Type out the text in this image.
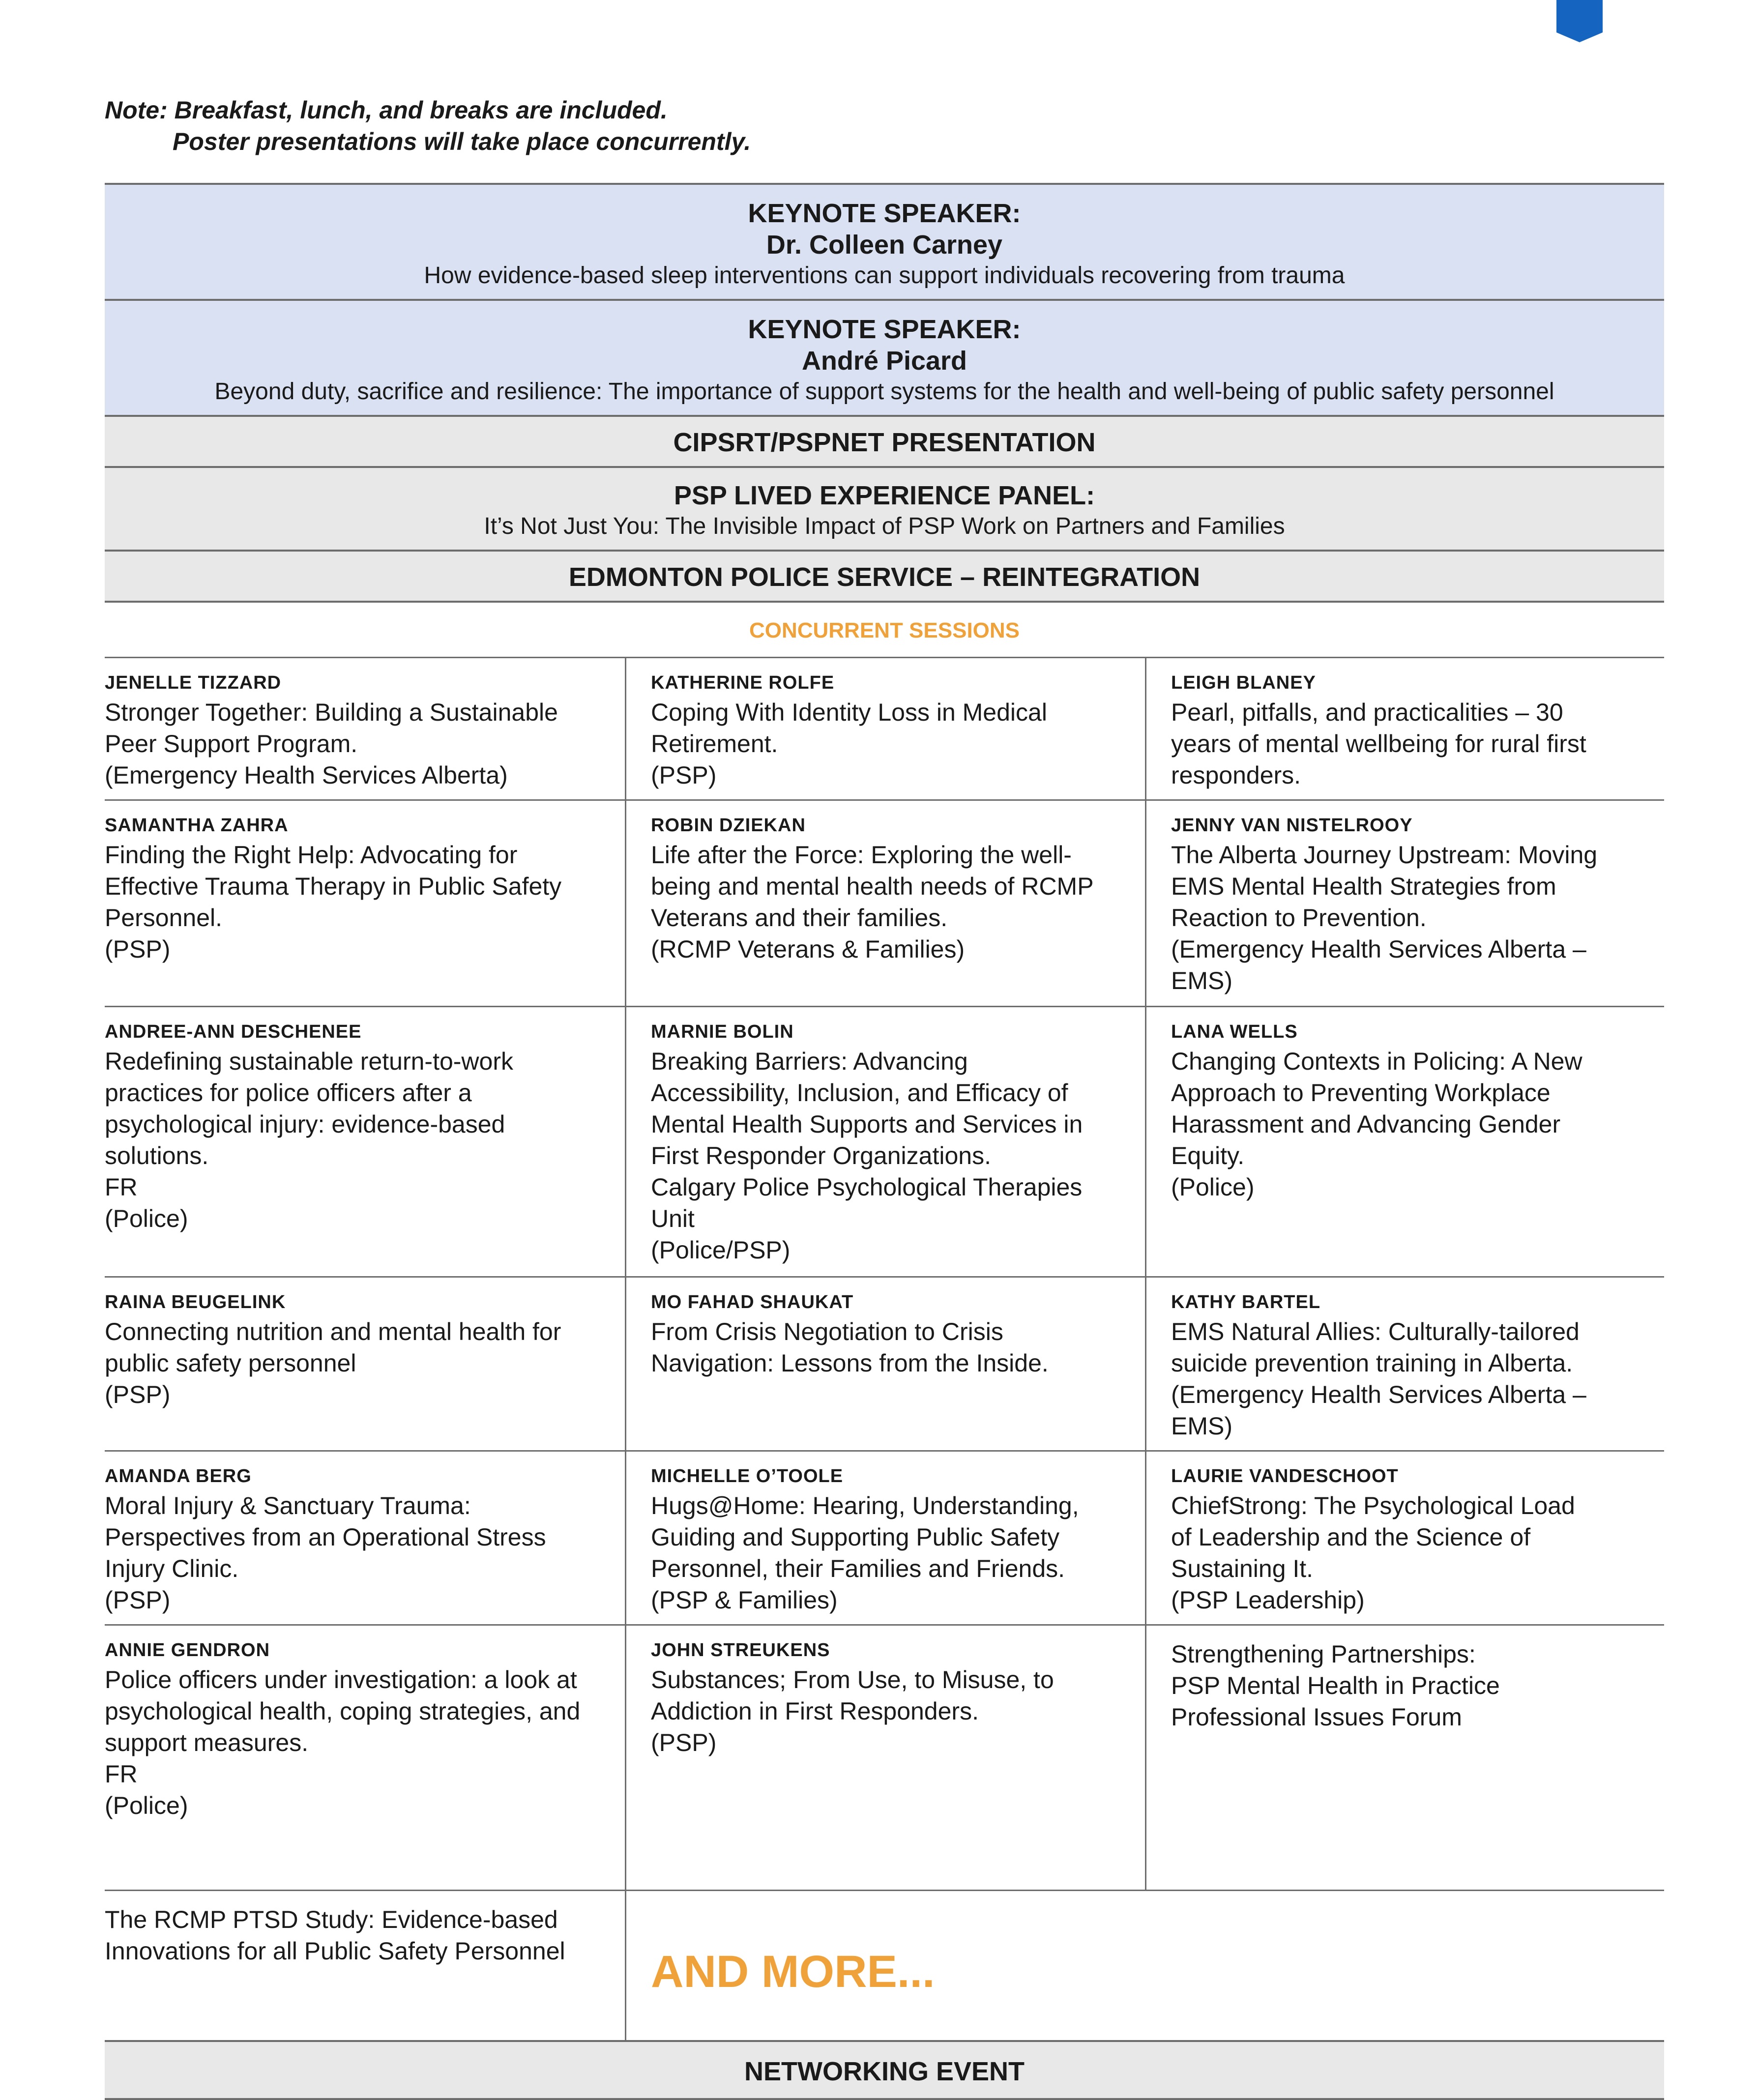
Note: Breakfast, lunch, and breaks are included.

Poster presentations will take place concurrently.
KEYNOTE SPEAKER:
Dr. Colleen Carney
How evidence-based sleep interventions can support individuals recovering from trauma
KEYNOTE SPEAKER:
André Picard
Beyond duty, sacrifice and resilience: The importance of support systems for the health and well-being of public safety personnel
CIPSRT/PSPNET PRESENTATION
PSP LIVED EXPERIENCE PANEL:
It’s Not Just You: The Invisible Impact of PSP Work on Partners and Families
EDMONTON POLICE SERVICE – REINTEGRATION
CONCURRENT SESSIONS
JENELLE TIZZARD
Stronger Together: Building a Sustainable
Peer Support Program.
(Emergency Health Services Alberta)
KATHERINE ROLFE
Coping With Identity Loss in Medical
Retirement.
(PSP)
LEIGH BLANEY
Pearl, pitfalls, and practicalities – 30
years of mental wellbeing for rural first
responders.
SAMANTHA ZAHRA
Finding the Right Help: Advocating for
Effective Trauma Therapy in Public Safety
Personnel.
(PSP)
ROBIN DZIEKAN
Life after the Force: Exploring the well-
being and mental health needs of RCMP
Veterans and their families.
(RCMP Veterans & Families)
JENNY VAN NISTELROOY
The Alberta Journey Upstream: Moving
EMS Mental Health Strategies from
Reaction to Prevention.
(Emergency Health Services Alberta –
EMS)
ANDREE-ANN DESCHENEE
Redefining sustainable return-to-work
practices for police officers after a
psychological injury: evidence-based
solutions.
FR
(Police)
MARNIE BOLIN
Breaking Barriers: Advancing
Accessibility, Inclusion, and Efficacy of
Mental Health Supports and Services in
First Responder Organizations.
Calgary Police Psychological Therapies
Unit
(Police/PSP)
LANA WELLS
Changing Contexts in Policing: A New
Approach to Preventing Workplace
Harassment and Advancing Gender
Equity.
(Police)
RAINA BEUGELINK
Connecting nutrition and mental health for
public safety personnel
(PSP)
MO FAHAD SHAUKAT
From Crisis Negotiation to Crisis
Navigation: Lessons from the Inside.
KATHY BARTEL
EMS Natural Allies: Culturally-tailored
suicide prevention training in Alberta.
(Emergency Health Services Alberta –
EMS)
AMANDA BERG
Moral Injury & Sanctuary Trauma:
Perspectives from an Operational Stress
Injury Clinic.
(PSP)
MICHELLE O’TOOLE
Hugs@Home: Hearing, Understanding,
Guiding and Supporting Public Safety
Personnel, their Families and Friends.
(PSP & Families)
LAURIE VANDESCHOOT
ChiefStrong: The Psychological Load
of Leadership and the Science of
Sustaining It.
(PSP Leadership)
ANNIE GENDRON
Police officers under investigation: a look at
psychological health, coping strategies, and
support measures.
FR
(Police)
JOHN STREUKENS
Substances; From Use, to Misuse, to
Addiction in First Responders.
(PSP)
Strengthening Partnerships:
PSP Mental Health in Practice
Professional Issues Forum
The RCMP PTSD Study: Evidence-based
Innovations for all Public Safety Personnel	AND MORE...
NETWORKING EVENT
